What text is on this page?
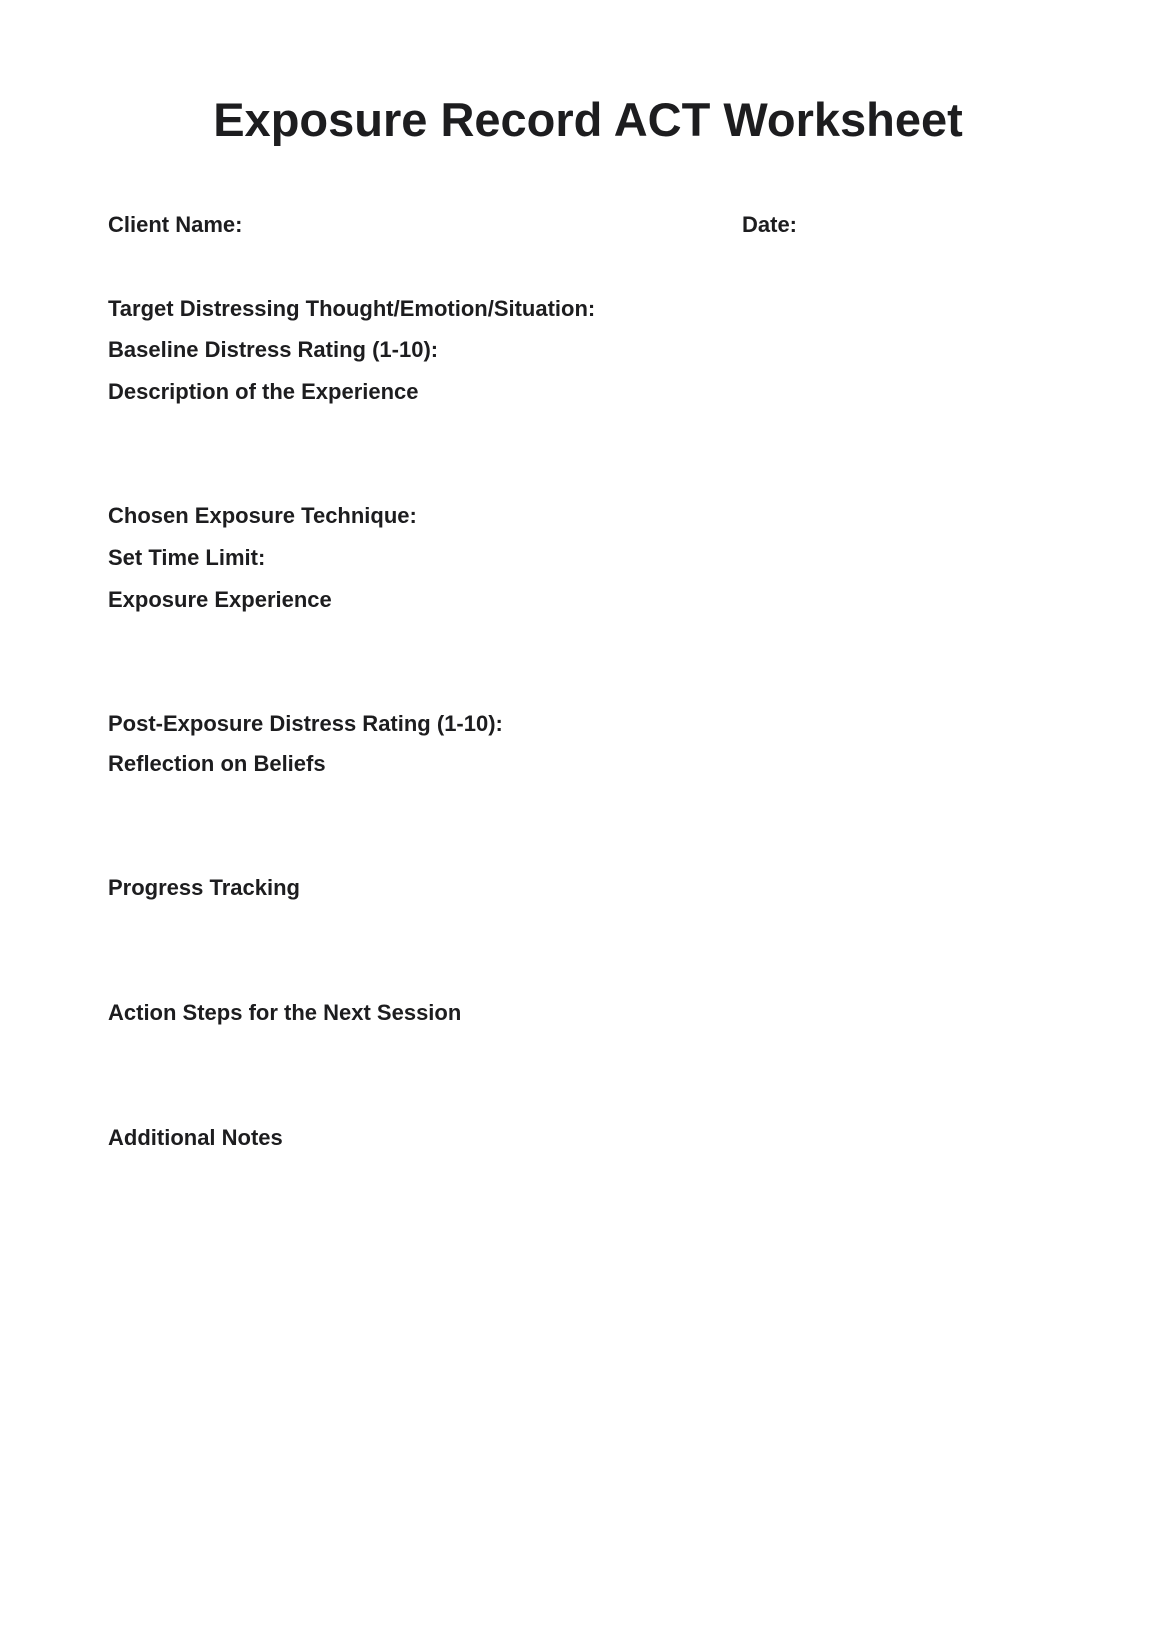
Exposure Record ACT Worksheet
Client Name:	Date:
Target Distressing Thought/Emotion/Situation:
Baseline Distress Rating (1-10):
Description of the Experience
Chosen Exposure Technique:
Set Time Limit:
Exposure Experience
Post-Exposure Distress Rating (1-10):
Reflection on Beliefs
Progress Tracking
Action Steps for the Next Session
Additional Notes
